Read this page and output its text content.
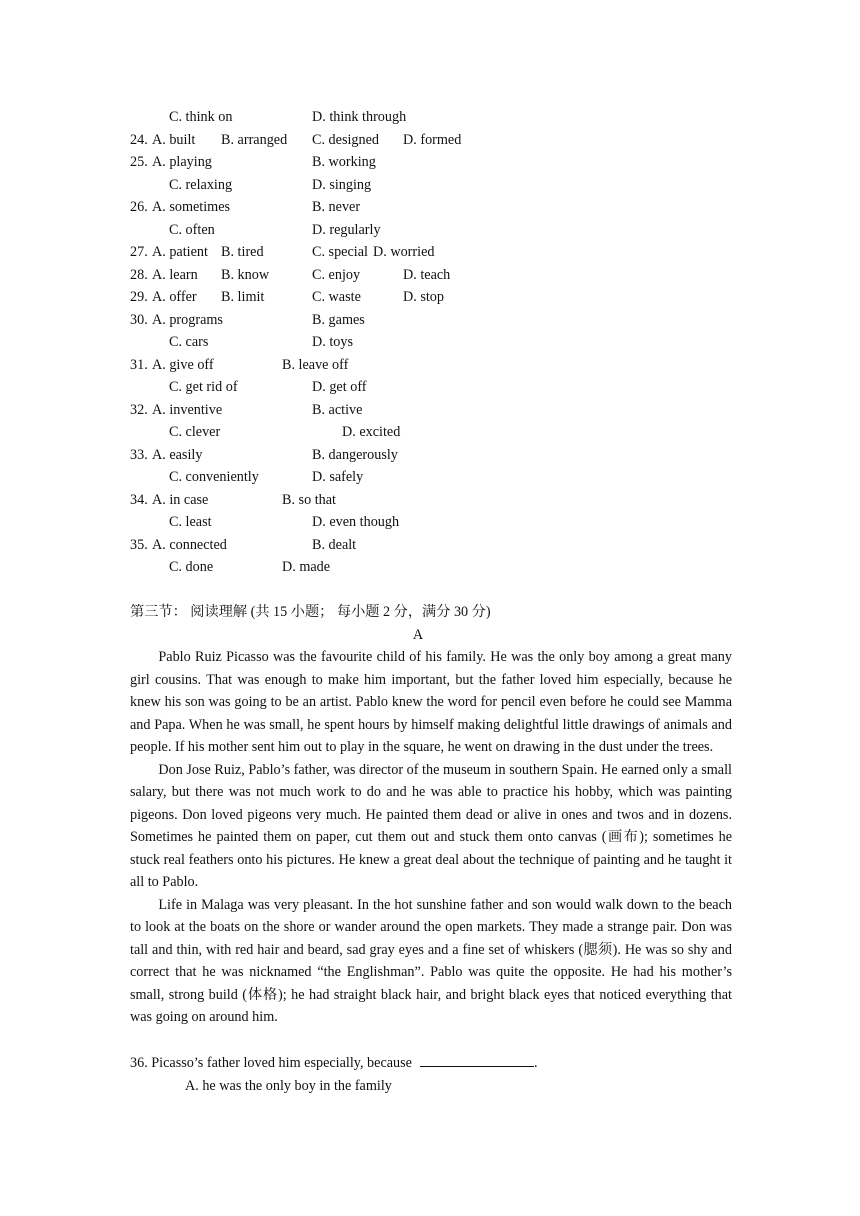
C. think on	D. think through
24. A. built B. arranged C. designed D. formed
25. A. playing	B. working
C. relaxing	D. singing
26. A. sometimes	B. never
C. often	D. regularly
27. A. patient B. tired	C. special D. worried
28. A. learn B. know	C. enjoy	D. teach
29. A. offer B. limit	C. waste	D. stop
30. A. programs	B. games
C. cars	D. toys
31. A. give off	B. leave off
C. get rid of	D. get off
32. A. inventive	B. active
C. clever	D. excited
33. A. easily	B. dangerously
C. conveniently	D. safely
34. A. in case	B. so that
C. least	D. even though
35. A. connected	B. dealt
C. done	D. made
第三节： 阅读理解 (共 15 小题； 每小题 2 分，满分 30 分)
A

Pablo Ruiz Picasso was the favourite child of his family. He was the only boy among a great many girl cousins. That was enough to make him important, but the father loved him especially, because he knew his son was going to be an artist. Pablo knew the word for pencil even before he could see Mamma and Papa. When he was small, he spent hours by himself making delightful little drawings of animals and people. If his mother sent him out to play in the square, he went on drawing in the dust under the trees.

Don Jose Ruiz, Pablo’s father, was director of the museum in southern Spain. He earned only a small salary, but there was not much work to do and he was able to practice his hobby, which was painting pigeons. Don loved pigeons very much. He painted them dead or alive in ones and twos and in dozens. Sometimes he painted them on paper, cut them out and stuck them onto canvas (画布); sometimes he stuck real feathers onto his pictures. He knew a great deal about the technique of painting and he taught it all to Pablo.

Life in Malaga was very pleasant. In the hot sunshine father and son would walk down to the beach to look at the boats on the shore or wander around the open markets. They made a strange pair. Don was tall and thin, with red hair and beard, sad gray eyes and a fine set of whiskers (腮须). He was so shy and correct that he was nicknamed “the Englishman”. Pablo was quite the opposite. He had his mother’s small, strong build (体格); he had straight black hair, and bright black eyes that noticed everything that was going on around him.

36. Picasso’s father loved him especially, because	.
A. he was the only boy in the family
